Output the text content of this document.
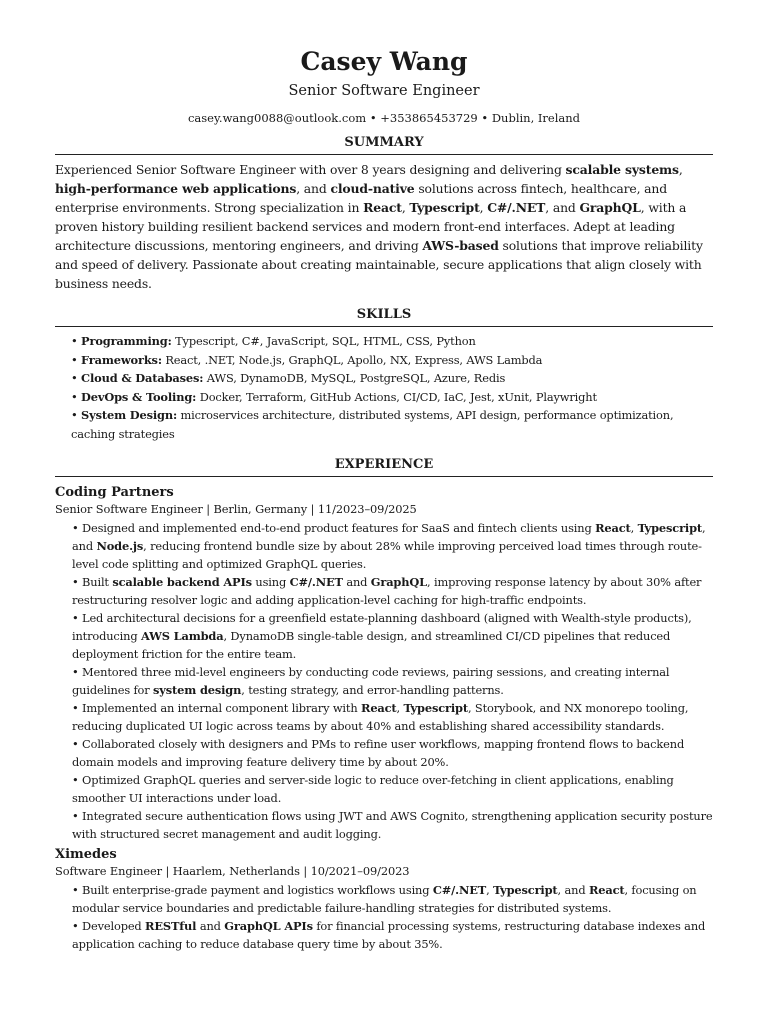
Casey Wang
Senior Software Engineer
casey.wang0088@outlook.com • +353865453729 • Dublin, Ireland
SUMMARY
Experienced Senior Software Engineer with over 8 years designing and delivering scalable systems, high-performance web applications, and cloud-native solutions across fintech, healthcare, and enterprise environments. Strong specialization in React, Typescript, C#/.NET, and GraphQL, with a proven history building resilient backend services and modern front-end interfaces. Adept at leading architecture discussions, mentoring engineers, and driving AWS-based solutions that improve reliability and speed of delivery. Passionate about creating maintainable, secure applications that align closely with business needs.
SKILLS
• Programming: Typescript, C#, JavaScript, SQL, HTML, CSS, Python
• Frameworks: React, .NET, Node.js, GraphQL, Apollo, NX, Express, AWS Lambda
• Cloud & Databases: AWS, DynamoDB, MySQL, PostgreSQL, Azure, Redis
• DevOps & Tooling: Docker, Terraform, GitHub Actions, CI/CD, IaC, Jest, xUnit, Playwright
• System Design: microservices architecture, distributed systems, API design, performance optimization, caching strategies
EXPERIENCE
Coding Partners
Senior Software Engineer | Berlin, Germany | 11/2023–09/2025
• Designed and implemented end-to-end product features for SaaS and fintech clients using React, Typescript, and Node.js, reducing frontend bundle size by about 28% while improving perceived load times through route-level code splitting and optimized GraphQL queries.
• Built scalable backend APIs using C#/.NET and GraphQL, improving response latency by about 30% after restructuring resolver logic and adding application-level caching for high-traffic endpoints.
• Led architectural decisions for a greenfield estate-planning dashboard (aligned with Wealth-style products), introducing AWS Lambda, DynamoDB single-table design, and streamlined CI/CD pipelines that reduced deployment friction for the entire team.
• Mentored three mid-level engineers by conducting code reviews, pairing sessions, and creating internal guidelines for system design, testing strategy, and error-handling patterns.
• Implemented an internal component library with React, Typescript, Storybook, and NX monorepo tooling, reducing duplicated UI logic across teams by about 40% and establishing shared accessibility standards.
• Collaborated closely with designers and PMs to refine user workflows, mapping frontend flows to backend domain models and improving feature delivery time by about 20%.
• Optimized GraphQL queries and server-side logic to reduce over-fetching in client applications, enabling smoother UI interactions under load.
• Integrated secure authentication flows using JWT and AWS Cognito, strengthening application security posture with structured secret management and audit logging.
Ximedes
Software Engineer | Haarlem, Netherlands | 10/2021–09/2023
• Built enterprise-grade payment and logistics workflows using C#/.NET, Typescript, and React, focusing on modular service boundaries and predictable failure-handling strategies for distributed systems.
• Developed RESTful and GraphQL APIs for financial processing systems, restructuring database indexes and application caching to reduce database query time by about 35%.
